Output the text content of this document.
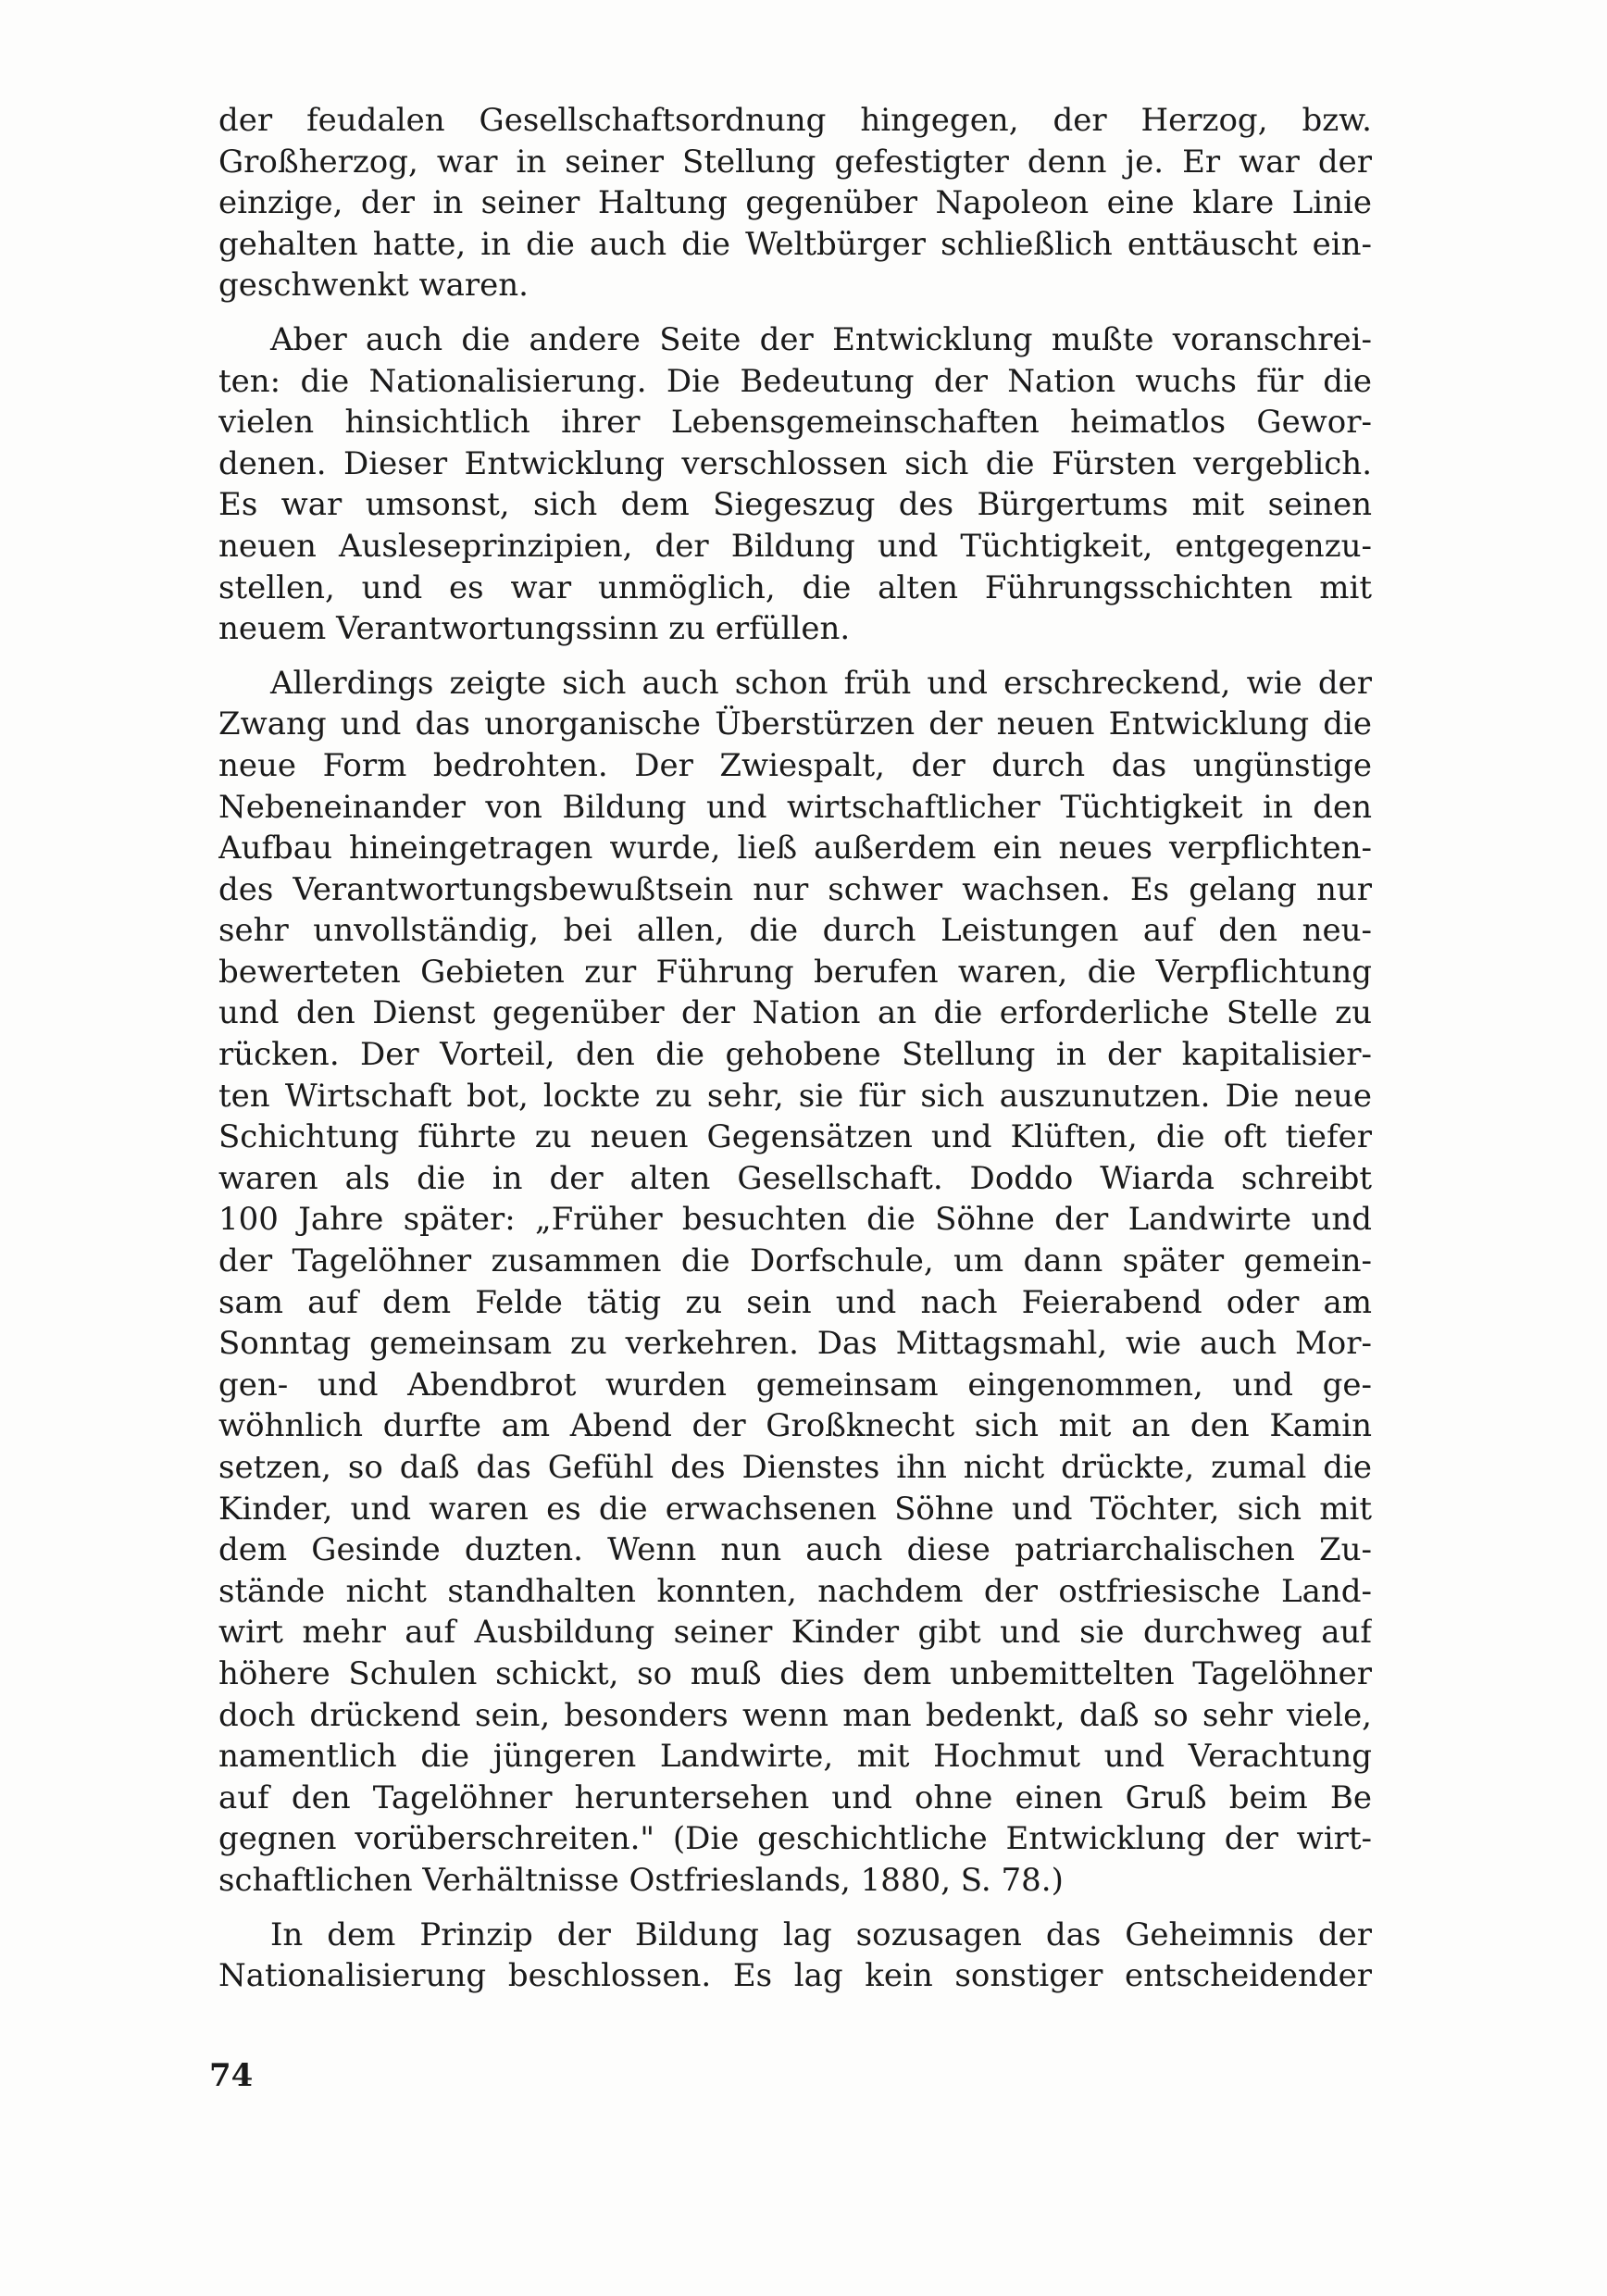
der feudalen Gesellschaftsordnung hingegen, der Herzog, bzw.
Großherzog, war in seiner Stellung gefestigter denn je. Er war der
einzige, der in seiner Haltung gegenüber Napoleon eine klare Linie
gehalten hatte, in die auch die Weltbürger schließlich enttäuscht ein-
geschwenkt waren.
Aber auch die andere Seite der Entwicklung mußte voranschrei-
ten: die Nationalisierung. Die Bedeutung der Nation wuchs für die
vielen hinsichtlich ihrer Lebensgemeinschaften heimatlos Gewor-
denen. Dieser Entwicklung verschlossen sich die Fürsten vergeblich.
Es war umsonst, sich dem Siegeszug des Bürgertums mit seinen
neuen Ausleseprinzipien, der Bildung und Tüchtigkeit, entgegenzu-
stellen, und es war unmöglich, die alten Führungsschichten mit
neuem Verantwortungssinn zu erfüllen.
Allerdings zeigte sich auch schon früh und erschreckend, wie der
Zwang und das unorganische Überstürzen der neuen Entwicklung die
neue Form bedrohten. Der Zwiespalt, der durch das ungünstige
Nebeneinander von Bildung und wirtschaftlicher Tüchtigkeit in den
Aufbau hineingetragen wurde, ließ außerdem ein neues verpflichten-
des Verantwortungsbewußtsein nur schwer wachsen. Es gelang nur
sehr unvollständig, bei allen, die durch Leistungen auf den neu-
bewerteten Gebieten zur Führung berufen waren, die Verpflichtung
und den Dienst gegenüber der Nation an die erforderliche Stelle zu
rücken. Der Vorteil, den die gehobene Stellung in der kapitalisier-
ten Wirtschaft bot, lockte zu sehr, sie für sich auszunutzen. Die neue
Schichtung führte zu neuen Gegensätzen und Klüften, die oft tiefer
waren als die in der alten Gesellschaft. Doddo Wiarda schreibt
100 Jahre später: „Früher besuchten die Söhne der Landwirte und
der Tagelöhner zusammen die Dorfschule, um dann später gemein-
sam auf dem Felde tätig zu sein und nach Feierabend oder am
Sonntag gemeinsam zu verkehren. Das Mittagsmahl, wie auch Mor-
gen- und Abendbrot wurden gemeinsam eingenommen, und ge-
wöhnlich durfte am Abend der Großknecht sich mit an den Kamin
setzen, so daß das Gefühl des Dienstes ihn nicht drückte, zumal die
Kinder, und waren es die erwachsenen Söhne und Töchter, sich mit
dem Gesinde duzten. Wenn nun auch diese patriarchalischen Zu-
stände nicht standhalten konnten, nachdem der ostfriesische Land-
wirt mehr auf Ausbildung seiner Kinder gibt und sie durchweg auf
höhere Schulen schickt, so muß dies dem unbemittelten Tagelöhner
doch drückend sein, besonders wenn man bedenkt, daß so sehr viele,
namentlich die jüngeren Landwirte, mit Hochmut und Verachtung
auf den Tagelöhner heruntersehen und ohne einen Gruß beim Be
gegnen vorüberschreiten." (Die geschichtliche Entwicklung der wirt-
schaftlichen Verhältnisse Ostfrieslands, 1880, S. 78.)
In dem Prinzip der Bildung lag sozusagen das Geheimnis der
Nationalisierung beschlossen. Es lag kein sonstiger entscheidender
74
